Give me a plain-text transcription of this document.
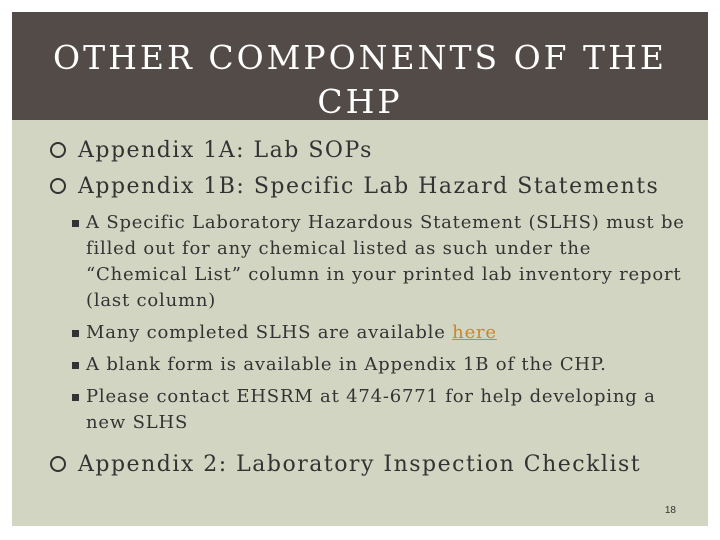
OTHER COMPONENTS OF THE CHP

Appendix 1A: Lab SOPs

Appendix 1B: Specific Lab Hazard Statements

A Specific Laboratory Hazardous Statement (SLHS) must be filled out for any chemical listed as such under the “Chemical List” column in your printed lab inventory report (last column)

Many completed SLHS are available here

A blank form is available in Appendix 1B of the CHP.

Please contact EHSRM at 474-6771 for help developing a new SLHS

Appendix 2: Laboratory Inspection Checklist

18
